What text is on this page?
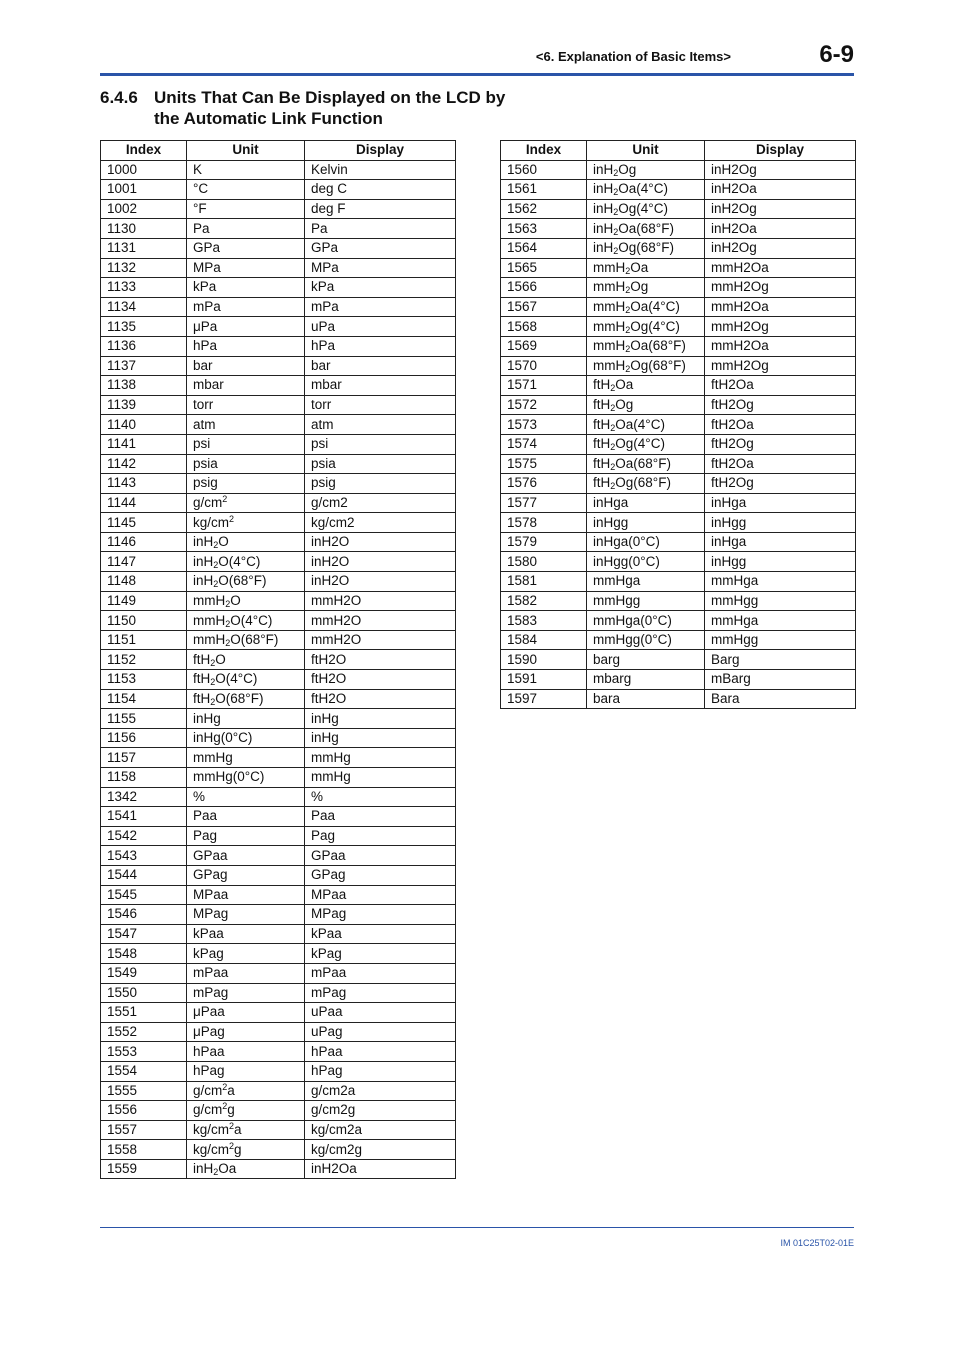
<6. Explanation of Basic Items>	6-9
6.4.6 Units That Can Be Displayed on the LCD by the Automatic Link Function
Index	Unit	Display
1000	K	Kelvin
1001	°C	deg C
1002	°F	deg F
1130	Pa	Pa
1131	GPa	GPa
1132	MPa	MPa
1133	kPa	kPa
1134	mPa	mPa
1135	μPa	uPa
1136	hPa	hPa
1137	bar	bar
1138	mbar	mbar
1139	torr	torr
1140	atm	atm
1141	psi	psi
1142	psia	psia
1143	psig	psig
1144	$g/cm^2$	g/cm2
1145	$kg/cm^2$	kg/cm2
1146	inH$_2$O	inH2O
1147	inH$_2$O(4°C)	inH2O
1148	inH$_2$O(68°F)	inH2O
1149	mmH$_2$O	mmH2O
1150	mmH$_2$O(4°C)	mmH2O
1151	mmH$_2$O(68°F)	mmH2O
1152	ftH$_2$O	ftH2O
1153	ftH$_2$O(4°C)	ftH2O
1154	ftH$_2$O(68°F)	ftH2O
1155	inHg	inHg
1156	inHg(0°C)	inHg
1157	mmHg	mmHg
1158	mmHg(0°C)	mmHg
1342	%	%
1541	Paa	Paa
1542	Pag	Pag
1543	GPaa	GPaa
1544	GPag	GPag
1545	MPaa	MPaa
1546	MPag	MPag
1547	kPaa	kPaa
1548	kPag	kPag
1549	mPaa	mPaa
1550	mPag	mPag
1551	μPaa	uPaa
1552	μPag	uPag
1553	hPaa	hPaa
1554	hPag	hPag
1555	$g/cm^2a$	g/cm2a
1556	$g/cm^2g$	g/cm2g
1557	$kg/cm^2a$	kg/cm2a
1558	$kg/cm^2g$	kg/cm2g
1559	inH$_2$Oa	inH2Oa
Index	Unit	Display
1560	inH$_2$Og	inH2Og
1561	inH$_2$Oa(4°C)	inH2Oa
1562	inH$_2$Og(4°C)	inH2Og
1563	inH$_2$Oa(68°F)	inH2Oa
1564	inH$_2$Og(68°F)	inH2Og
1565	mmH$_2$Oa	mmH2Oa
1566	mmH$_2$Og	mmH2Og
1567	mmH$_2$Oa(4°C)	mmH2Oa
1568	mmH$_2$Og(4°C)	mmH2Og
1569	mmH$_2$Oa(68°F)	mmH2Oa
1570	mmH$_2$Og(68°F)	mmH2Og
1571	ftH$_2$Oa	ftH2Oa
1572	ftH$_2$Og	ftH2Og
1573	ftH$_2$Oa(4°C)	ftH2Oa
1574	ftH$_2$Og(4°C)	ftH2Og
1575	ftH$_2$Oa(68°F)	ftH2Oa
1576	ftH$_2$Og(68°F)	ftH2Og
1577	inHga	inHga
1578	inHgg	inHgg
1579	inHga(0°C)	inHga
1580	inHgg(0°C)	inHgg
1581	mmHga	mmHga
1582	mmHgg	mmHgg
1583	mmHga(0°C)	mmHga
1584	mmHgg(0°C)	mmHgg
1590	barg	Barg
1591	mbarg	mBarg
1597	bara	Bara
IM 01C25T02-01E
